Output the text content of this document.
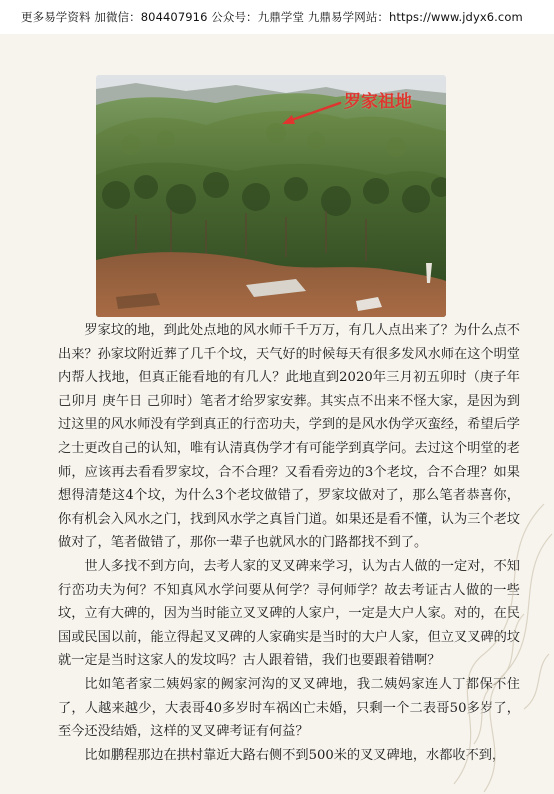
更多易学资料 加微信：804407916 公众号：九鼎学堂 九鼎易学网站：https://www.jdyx6.com
罗家祖地

罗家坟的地，到此处点地的风水师千千万万，有几人点出来了？为什么点不出来？孙家坟附近葬了几千个坟，天气好的时候每天有很多发风水师在这个明堂内帮人找地，但真正能看地的有几人？此地直到2020年三月初五卯时（庚子年 己卯月 庚午日 己卯时）笔者才给罗家安葬。其实点不出来不怪大家，是因为到过这里的风水师没有学到真正的行峦功夫，学到的是风水伪学灭蛮经，希望后学之士更改自己的认知，唯有认清真伪学才有可能学到真学问。去过这个明堂的老师，应该再去看看罗家坟，合不合理？又看看旁边的3个老坟，合不合理？如果想得清楚这4个坟，为什么3个老坟做错了，罗家坟做对了，那么笔者恭喜你，你有机会入风水之门，找到风水学之真旨门道。如果还是看不懂，认为三个老坟做对了，笔者做错了，那你一辈子也就风水的门路都找不到了。

世人多找不到方向，去考人家的叉叉碑来学习，认为古人做的一定对，不知行峦功夫为何？不知真风水学问要从何学？寻何师学？故去考证古人做的一些坟，立有大碑的，因为当时能立叉叉碑的人家户，一定是大户人家。对的，在民国或民国以前，能立得起叉叉碑的人家确实是当时的大户人家，但立叉叉碑的坟就一定是当时这家人的发坟吗？古人跟着错，我们也要跟着错啊？

比如笔者家二姨妈家的阙家河沟的叉叉碑地，我二姨妈家连人丁都保不住了，人越来越少，大表哥40多岁时车祸凶亡未婚，只剩一个二表哥50多岁了，至今还没结婚，这样的叉叉碑考证有何益？

比如鹏程那边在拱村靠近大路右侧不到500米的叉叉碑地，水都收不到，
